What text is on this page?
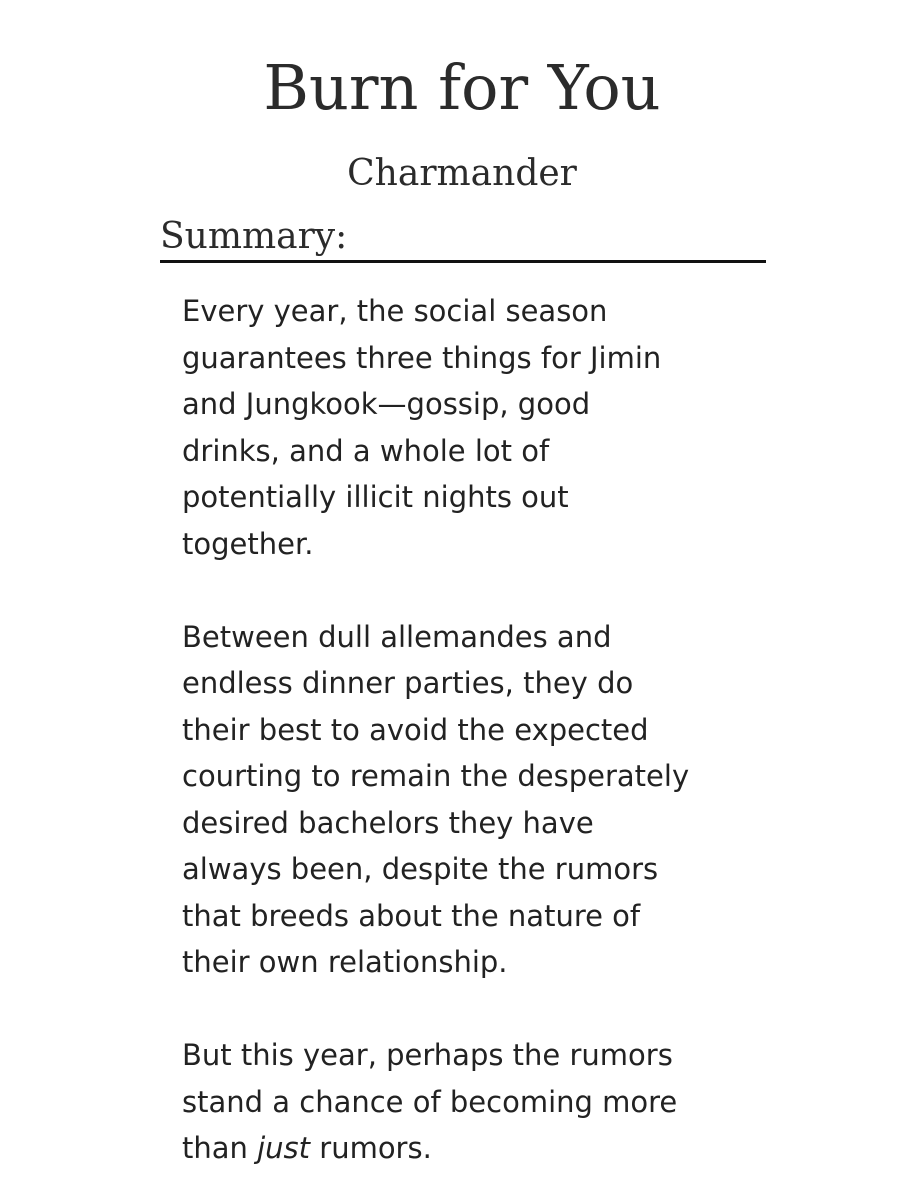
Burn for You
Charmander
Summary:

Every year, the social season
guarantees three things for Jimin
and Jungkook—gossip, good
drinks, and a whole lot of
potentially illicit nights out
together.

Between dull allemandes and
endless dinner parties, they do
their best to avoid the expected
courting to remain the desperately
desired bachelors they have
always been, despite the rumors
that breeds about the nature of
their own relationship.

But this year, perhaps the rumors
stand a chance of becoming more
than just rumors.
